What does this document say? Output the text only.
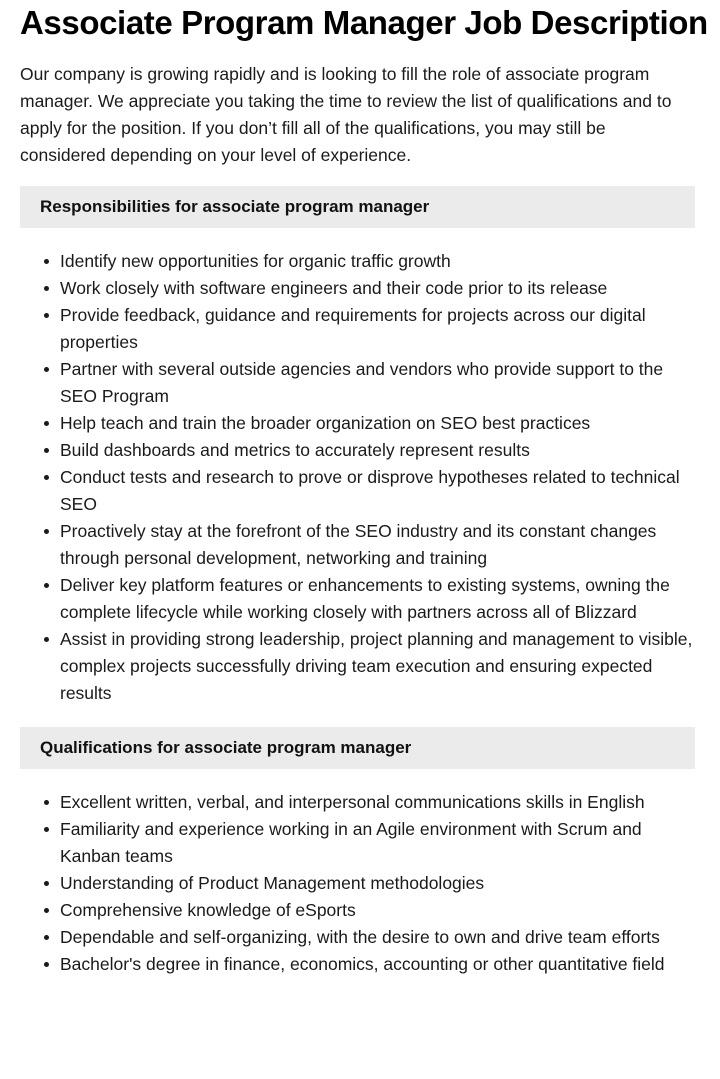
Associate Program Manager Job Description

Our company is growing rapidly and is looking to fill the role of associate program manager. We appreciate you taking the time to review the list of qualifications and to apply for the position. If you don’t fill all of the qualifications, you may still be considered depending on your level of experience.

Responsibilities for associate program manager
Identify new opportunities for organic traffic growth
Work closely with software engineers and their code prior to its release
Provide feedback, guidance and requirements for projects across our digital properties
Partner with several outside agencies and vendors who provide support to the SEO Program
Help teach and train the broader organization on SEO best practices
Build dashboards and metrics to accurately represent results
Conduct tests and research to prove or disprove hypotheses related to technical SEO
Proactively stay at the forefront of the SEO industry and its constant changes through personal development, networking and training
Deliver key platform features or enhancements to existing systems, owning the complete lifecycle while working closely with partners across all of Blizzard
Assist in providing strong leadership, project planning and management to visible, complex projects successfully driving team execution and ensuring expected results
Qualifications for associate program manager
Excellent written, verbal, and interpersonal communications skills in English
Familiarity and experience working in an Agile environment with Scrum and Kanban teams
Understanding of Product Management methodologies
Comprehensive knowledge of eSports
Dependable and self-organizing, with the desire to own and drive team efforts
Bachelor's degree in finance, economics, accounting or other quantitative field
